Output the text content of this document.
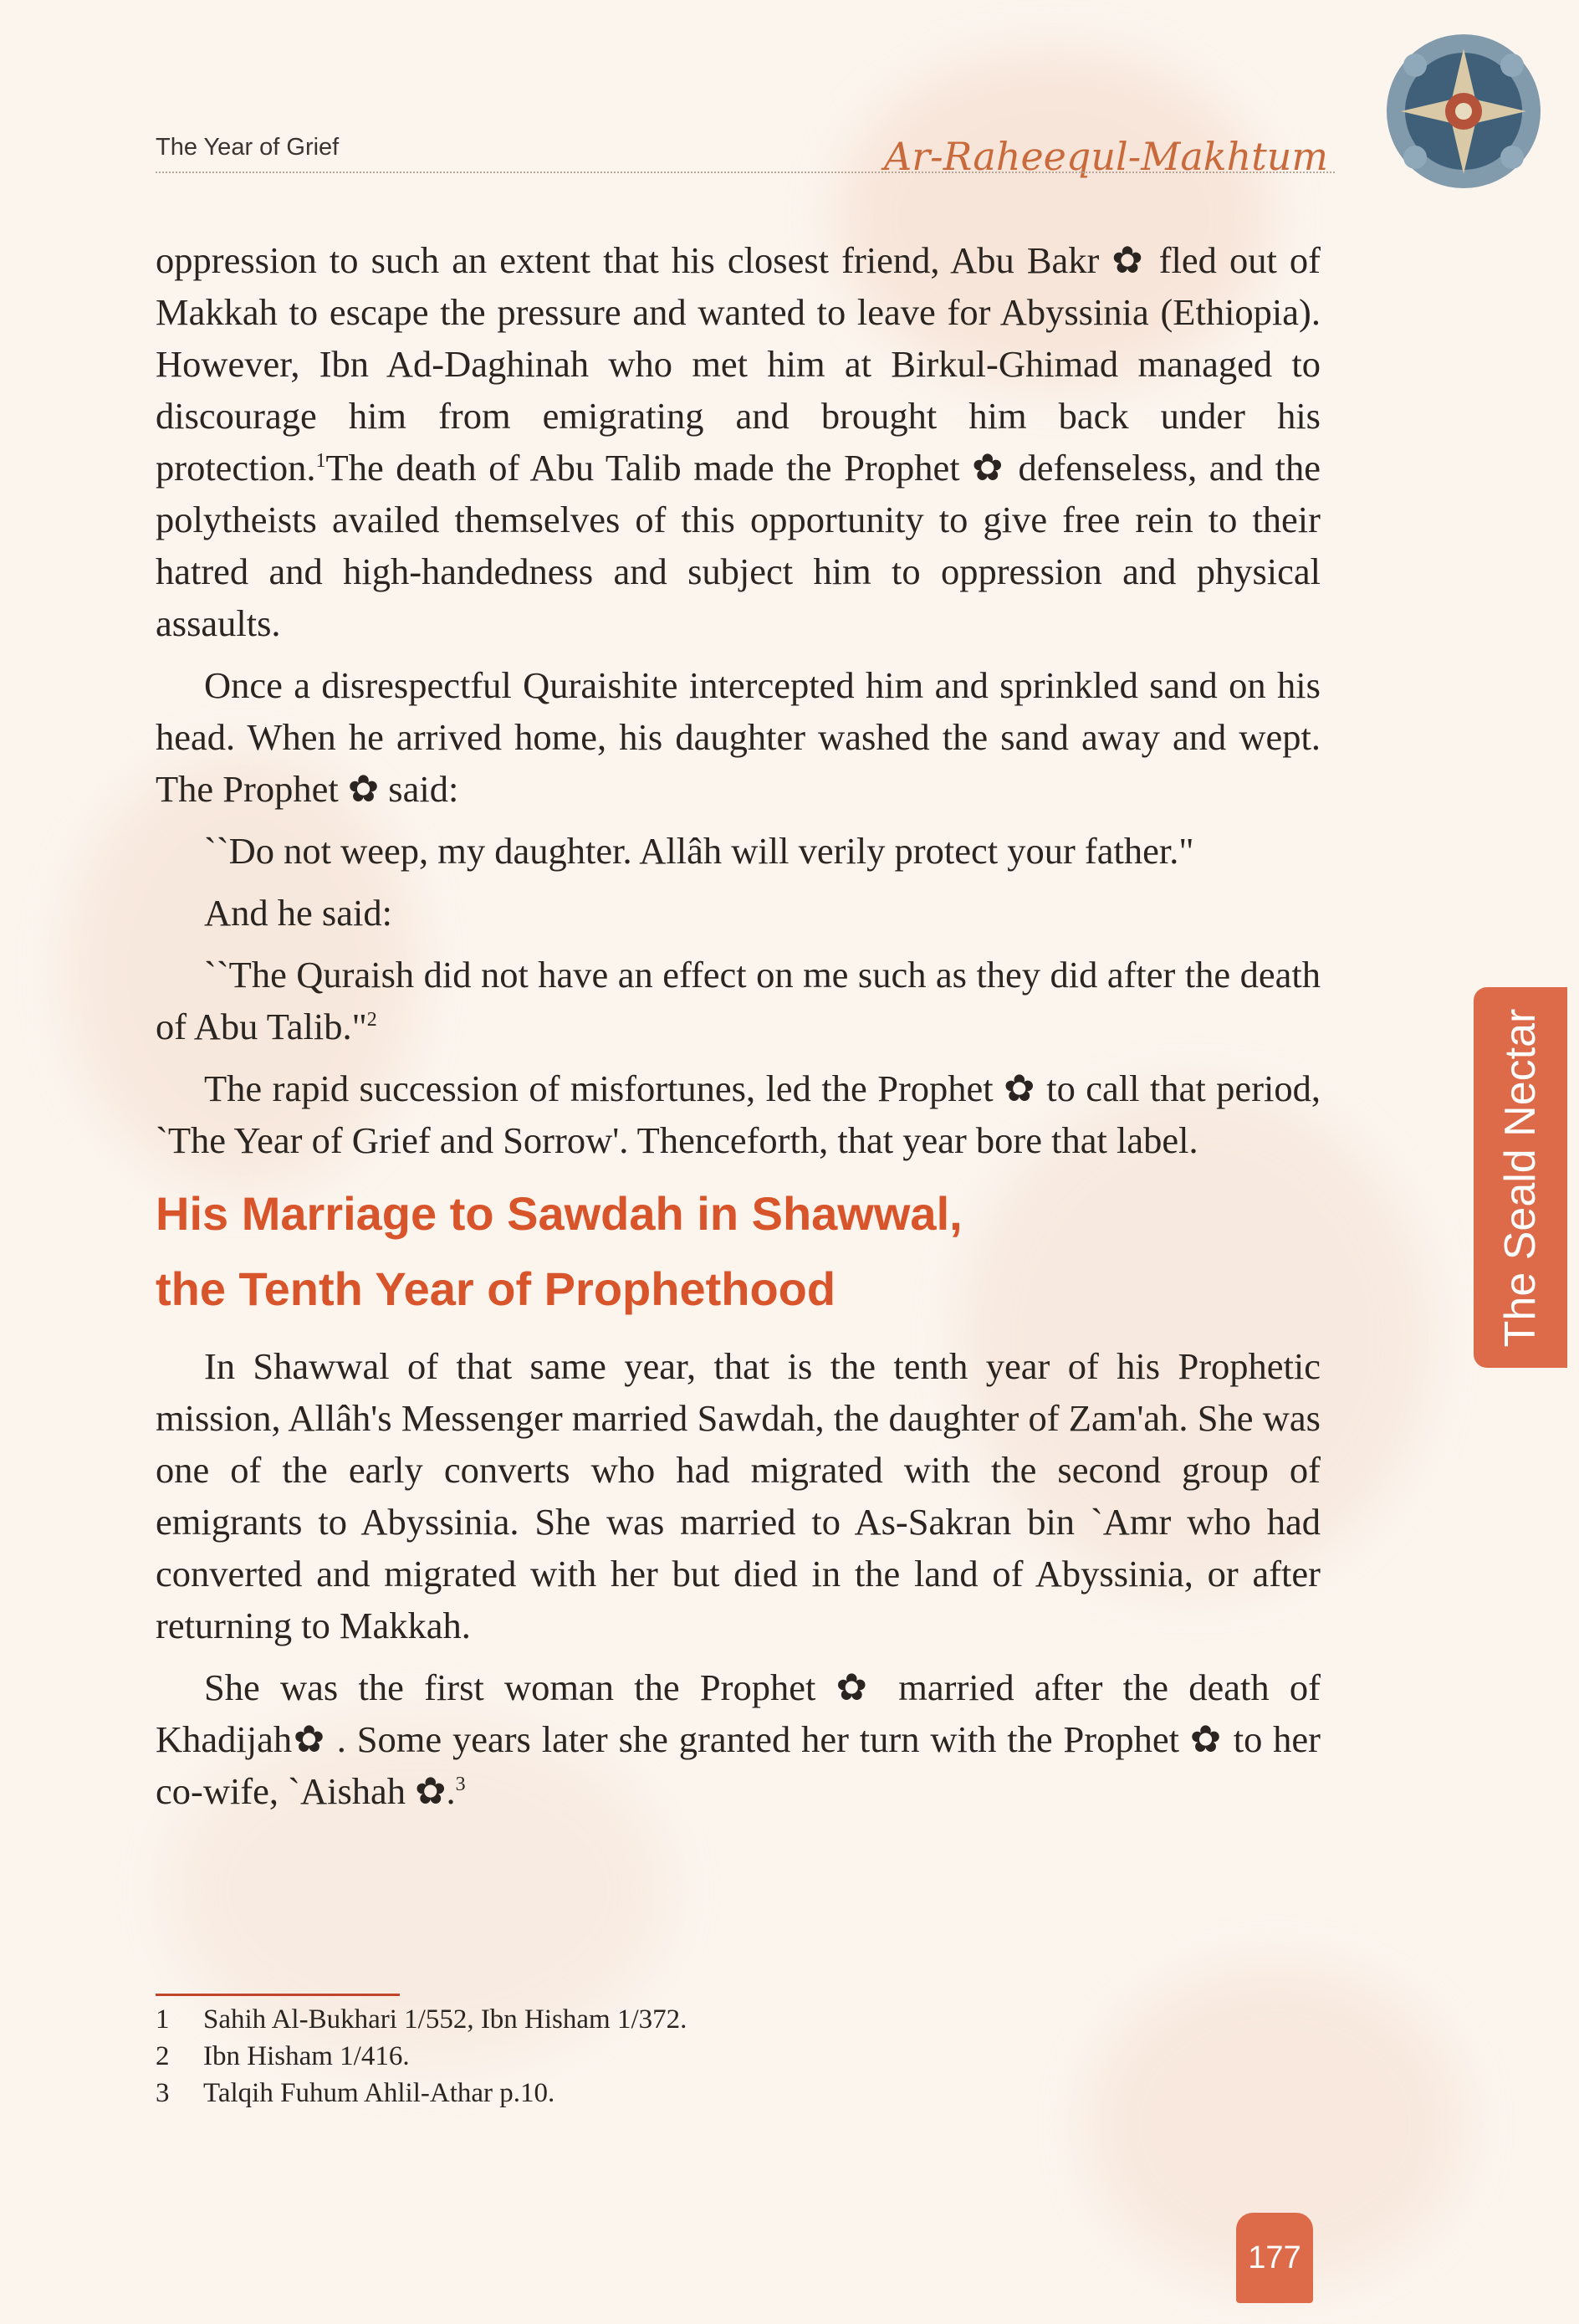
The Year of Grief	Ar-Raheequl-Makhtum

oppression to such an extent that his closest friend, Abu Bakr ✿ fled out of Makkah to escape the pressure and wanted to leave for Abyssinia (Ethiopia). However, Ibn Ad-Daghinah who met him at Birkul-Ghimad managed to discourage him from emigrating and brought him back under his protection.$^1$The death of Abu Talib made the Prophet ✿ defenseless, and the polytheists availed themselves of this opportunity to give free rein to their hatred and high-handedness and subject him to oppression and physical assaults.

Once a disrespectful Quraishite intercepted him and sprinkled sand on his head. When he arrived home, his daughter washed the sand away and wept. The Prophet ✿ said:

``Do not weep, my daughter. Allâh will verily protect your father."

And he said:

``The Quraish did not have an effect on me such as they did after the death of Abu Talib."$^2$

The rapid succession of misfortunes, led the Prophet ✿ to call that period, `The Year of Grief and Sorrow'. Thenceforth, that year bore that label.

His Marriage to Sawdah in Shawwal,
the Tenth Year of Prophethood

In Shawwal of that same year, that is the tenth year of his Prophetic mission, Allâh's Messenger married Sawdah, the daughter of Zam'ah. She was one of the early converts who had migrated with the second group of emigrants to Abyssinia. She was married to As-Sakran bin `Amr who had converted and migrated with her but died in the land of Abyssinia, or after returning to Makkah.

She was the first woman the Prophet ✿ married after the death of Khadijah✿ . Some years later she granted her turn with the Prophet ✿ to her co-wife, `Aishah ✿.$^3$

The Seald Nectar
1	Sahih Al-Bukhari 1/552, Ibn Hisham 1/372.
2	Ibn Hisham 1/416.
3	Talqih Fuhum Ahlil-Athar p.10.
177
